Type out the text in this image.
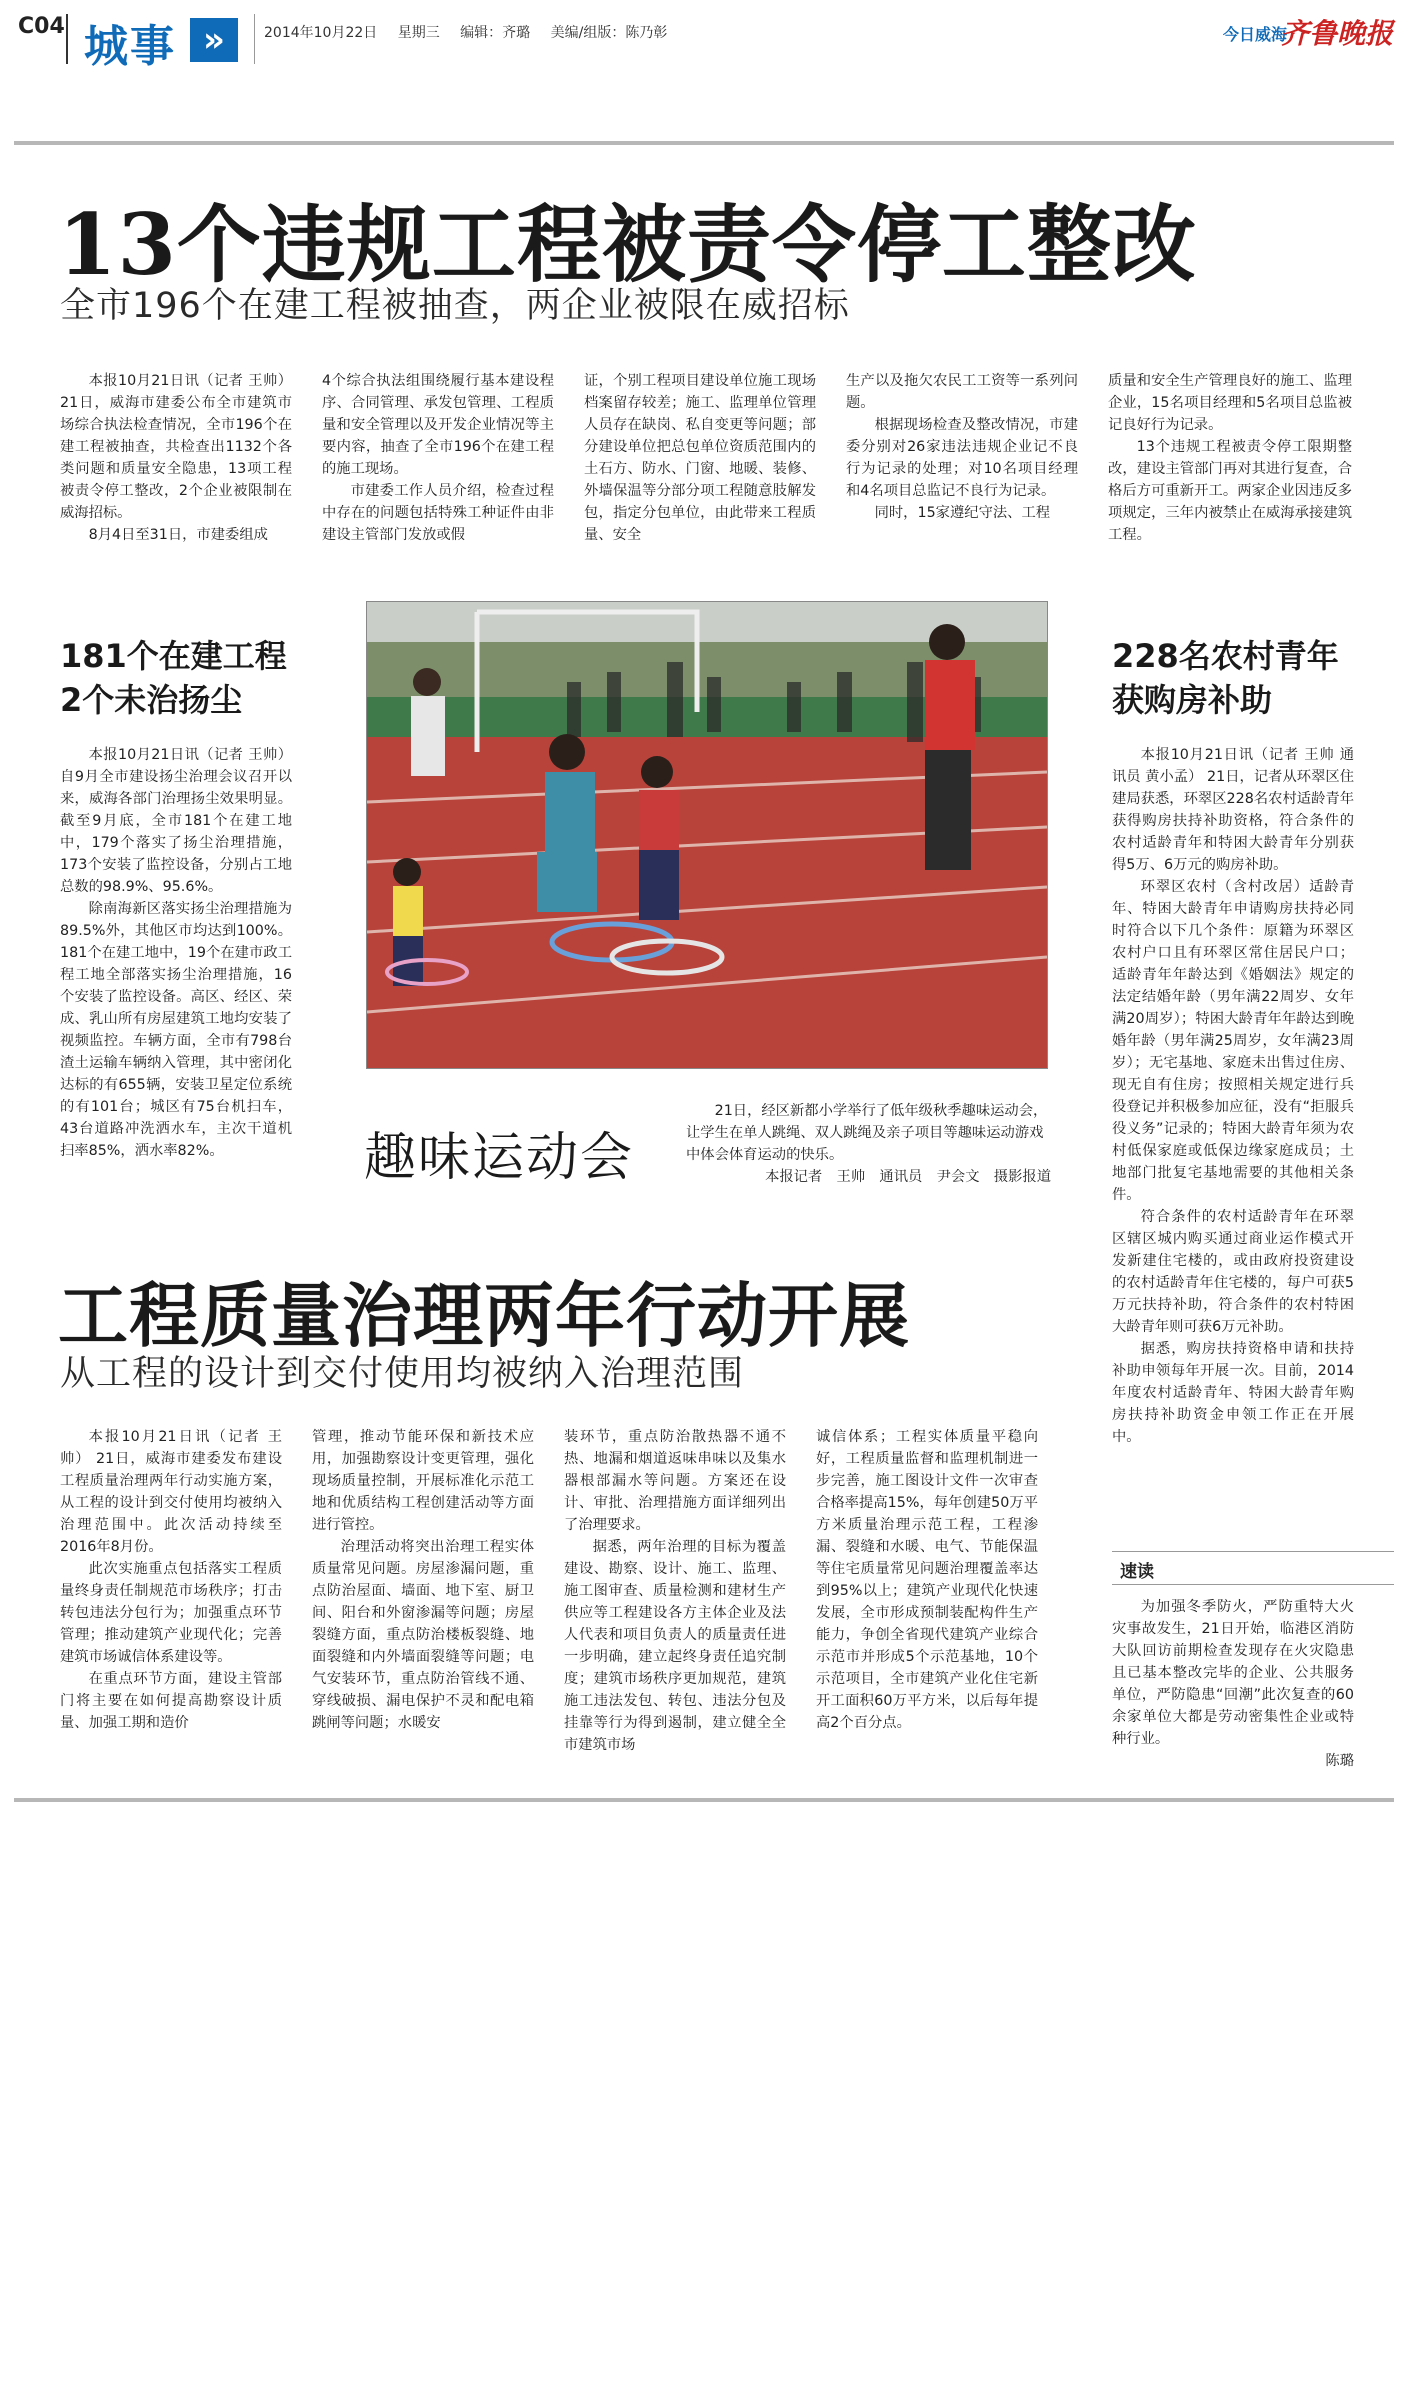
C04 城事 »	2014年10月22日 星期三 编辑：齐璐 美编/组版：陈乃彰	今日威海
齐鲁晚报
13个违规工程被责令停工整改
全市196个在建工程被抽查，两企业被限在威招标

本报10月21日讯（记者 王帅） 21日，威海市建委公布全市建筑市场综合执法检查情况，全市196个在建工程被抽查，共检查出1132个各类问题和质量安全隐患，13项工程被责令停工整改，2个企业被限制在威海招标。

8月4日至31日，市建委组成

4个综合执法组围绕履行基本建设程序、合同管理、承发包管理、工程质量和安全管理以及开发企业情况等主要内容，抽查了全市196个在建工程的施工现场。

市建委工作人员介绍，检查过程中存在的问题包括特殊工种证件由非建设主管部门发放或假

证，个别工程项目建设单位施工现场档案留存较差；施工、监理单位管理人员存在缺岗、私自变更等问题；部分建设单位把总包单位资质范围内的土石方、防水、门窗、地暖、装修、外墙保温等分部分项工程随意肢解发包，指定分包单位，由此带来工程质量、安全

生产以及拖欠农民工工资等一系列问题。

根据现场检查及整改情况，市建委分别对26家违法违规企业记不良行为记录的处理；对10名项目经理和4名项目总监记不良行为记录。

同时，15家遵纪守法、工程

质量和安全生产管理良好的施工、监理企业，15名项目经理和5名项目总监被记良好行为记录。

13个违规工程被责令停工限期整改，建设主管部门再对其进行复查，合格后方可重新开工。两家企业因违反多项规定，三年内被禁止在威海承接建筑工程。

181个在建工程
2个未治扬尘

本报10月21日讯（记者 王帅） 自9月全市建设扬尘治理会议召开以来，威海各部门治理扬尘效果明显。截至9月底，全市181个在建工地中，179个落实了扬尘治理措施，173个安装了监控设备，分别占工地总数的98.9%、95.6%。

除南海新区落实扬尘治理措施为89.5%外，其他区市均达到100%。181个在建工地中，19个在建市政工程工地全部落实扬尘治理措施，16个安装了监控设备。高区、经区、荣成、乳山所有房屋建筑工地均安装了视频监控。车辆方面，全市有798台渣土运输车辆纳入管理，其中密闭化达标的有655辆，安装卫星定位系统的有101台；城区有75台机扫车，43台道路冲洗洒水车，主次干道机扫率85%，洒水率82%。	趣味运动会

21日，经区新都小学举行了低年级秋季趣味运动会，让学生在单人跳绳、双人跳绳及亲子项目等趣味运动游戏中体会体育运动的快乐。

本报记者　王帅　通讯员　尹会文　摄影报道
228名农村青年
获购房补助

本报10月21日讯（记者 王帅 通讯员 黄小孟） 21日，记者从环翠区住建局获悉，环翠区228名农村适龄青年获得购房扶持补助资格，符合条件的农村适龄青年和特困大龄青年分别获得5万、6万元的购房补助。

环翠区农村（含村改居）适龄青年、特困大龄青年申请购房扶持必同时符合以下几个条件：原籍为环翠区农村户口且有环翠区常住居民户口；适龄青年年龄达到《婚姻法》规定的法定结婚年龄（男年满22周岁、女年满20周岁）；特困大龄青年年龄达到晚婚年龄（男年满25周岁，女年满23周岁）；无宅基地、家庭未出售过住房、现无自有住房；按照相关规定进行兵役登记并积极参加应征，没有“拒服兵役义务”记录的；特困大龄青年须为农村低保家庭或低保边缘家庭成员；土地部门批复宅基地需要的其他相关条件。

符合条件的农村适龄青年在环翠区辖区城内购买通过商业运作模式开发新建住宅楼的，或由政府投资建设的农村适龄青年住宅楼的，每户可获5万元扶持补助，符合条件的农村特困大龄青年则可获6万元补助。

据悉，购房扶持资格申请和扶持补助申领每年开展一次。目前，2014年度农村适龄青年、特困大龄青年购房扶持补助资金申领工作正在开展中。

工程质量治理两年行动开展
从工程的设计到交付使用均被纳入治理范围

本报10月21日讯（记者 王帅） 21日，威海市建委发布建设工程质量治理两年行动实施方案，从工程的设计到交付使用均被纳入治理范围中。此次活动持续至2016年8月份。

此次实施重点包括落实工程质量终身责任制规范市场秩序；打击转包违法分包行为；加强重点环节管理；推动建筑产业现代化；完善建筑市场诚信体系建设等。

在重点环节方面，建设主管部门将主要在如何提高勘察设计质量、加强工期和造价

管理，推动节能环保和新技术应用，加强勘察设计变更管理，强化现场质量控制，开展标准化示范工地和优质结构工程创建活动等方面进行管控。

治理活动将突出治理工程实体质量常见问题。房屋渗漏问题，重点防治屋面、墙面、地下室、厨卫间、阳台和外窗渗漏等问题；房屋裂缝方面，重点防治楼板裂缝、地面裂缝和内外墙面裂缝等问题；电气安装环节，重点防治管线不通、穿线破损、漏电保护不灵和配电箱跳闸等问题；水暖安

装环节，重点防治散热器不通不热、地漏和烟道返味串味以及集水器根部漏水等问题。方案还在设计、审批、治理措施方面详细列出了治理要求。

据悉，两年治理的目标为覆盖建设、勘察、设计、施工、监理、施工图审查、质量检测和建材生产供应等工程建设各方主体企业及法人代表和项目负责人的质量责任进一步明确，建立起终身责任追究制度；建筑市场秩序更加规范，建筑施工违法发包、转包、违法分包及挂靠等行为得到遏制，建立健全全市建筑市场

诚信体系；工程实体质量平稳向好，工程质量监督和监理机制进一步完善，施工图设计文件一次审查合格率提高15%，每年创建50万平方米质量治理示范工程，工程渗漏、裂缝和水暖、电气、节能保温等住宅质量常见问题治理覆盖率达到95%以上；建筑产业现代化快速发展，全市形成预制装配构件生产能力，争创全省现代建筑产业综合示范市并形成5个示范基地，10个示范项目，全市建筑产业化住宅新开工面积60万平方米，以后每年提高2个百分点。

速读

为加强冬季防火，严防重特大火灾事故发生，21日开始，临港区消防大队回访前期检查发现存在火灾隐患且已基本整改完毕的企业、公共服务单位，严防隐患“回潮”此次复查的60余家单位大都是劳动密集性企业或特种行业。

陈璐
